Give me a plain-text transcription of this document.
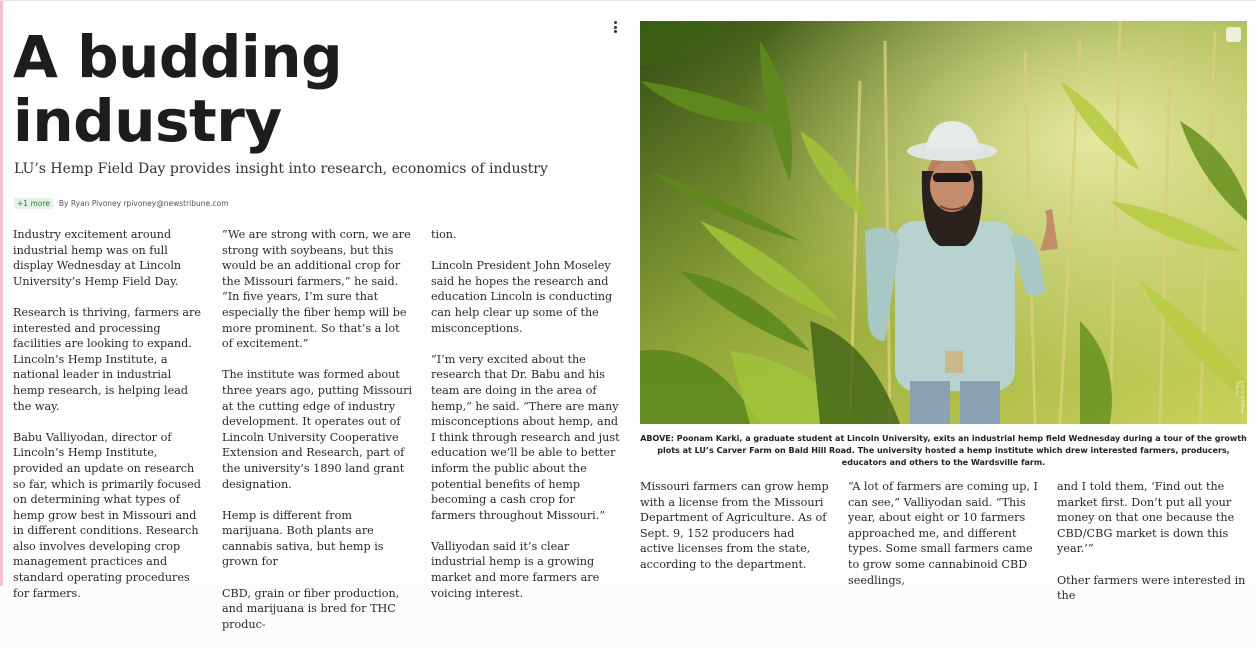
A budding
industry
LU’s Hemp Field Day provides insight into research, economics of industry
+1 more	By Ryan Pivoney rpivoney@newstribune.com

Industry excitement around industrial hemp was on full display Wednesday at Lincoln University’s Hemp Field Day.

Research is thriving, farmers are interested and processing facilities are looking to expand. Lincoln’s Hemp Institute, a national leader in industrial hemp research, is helping lead the way.

Babu Valliyodan, director of Lincoln’s Hemp Institute, provided an update on research so far, which is primarily focused on determining what types of hemp grow best in Missouri and in different conditions. Research also involves developing crop management practices and standard operating procedures for farmers.

“We are strong with corn, we are strong with soybeans, but this would be an additional crop for the Missouri farmers,” he said. “In five years, I’m sure that especially the fiber hemp will be more prominent. So that’s a lot of excitement.”

The institute was formed about three years ago, putting Missouri at the cutting edge of industry development. It operates out of Lincoln University Cooperative Extension and Research, part of the university’s 1890 land grant designation.

Hemp is different from marijuana. Both plants are cannabis sativa, but hemp is grown for

CBD, grain or fiber production, and marijuana is bred for THC produc-

tion.

Lincoln President John Moseley said he hopes the research and education Lincoln is conducting can help clear up some of the misconceptions.

“I’m very excited about the research that Dr. Babu and his team are doing in the area of hemp,” he said. “There are many misconceptions about hemp, and I think through research and just education we’ll be able to better inform the public about the potential benefits of hemp becoming a cash crop for farmers throughout Missouri.”

Valliyodan said it’s clear industrial hemp is a growing market and more farmers are voicing interest.

Julie Smith/News Tribune
ABOVE: Poonam Karki, a graduate student at Lincoln University, exits an industrial hemp field Wednesday during a tour of the growth plots at LU’s Carver Farm on Bald Hill Road. The university hosted a hemp institute which drew interested farmers, producers, educators and others to the Wardsville farm.

Missouri farmers can grow hemp with a license from the Missouri Department of Agriculture. As of Sept. 9, 152 producers had active licenses from the state, according to the department.

“A lot of farmers are coming up, I can see,” Valliyodan said. “This year, about eight or 10 farmers approached me, and different types. Some small farmers came to grow some cannabinoid CBD seedlings,

and I told them, ‘Find out the market first. Don’t put all your money on that one because the CBD/CBG market is down this year.’”

Other farmers were interested in the
